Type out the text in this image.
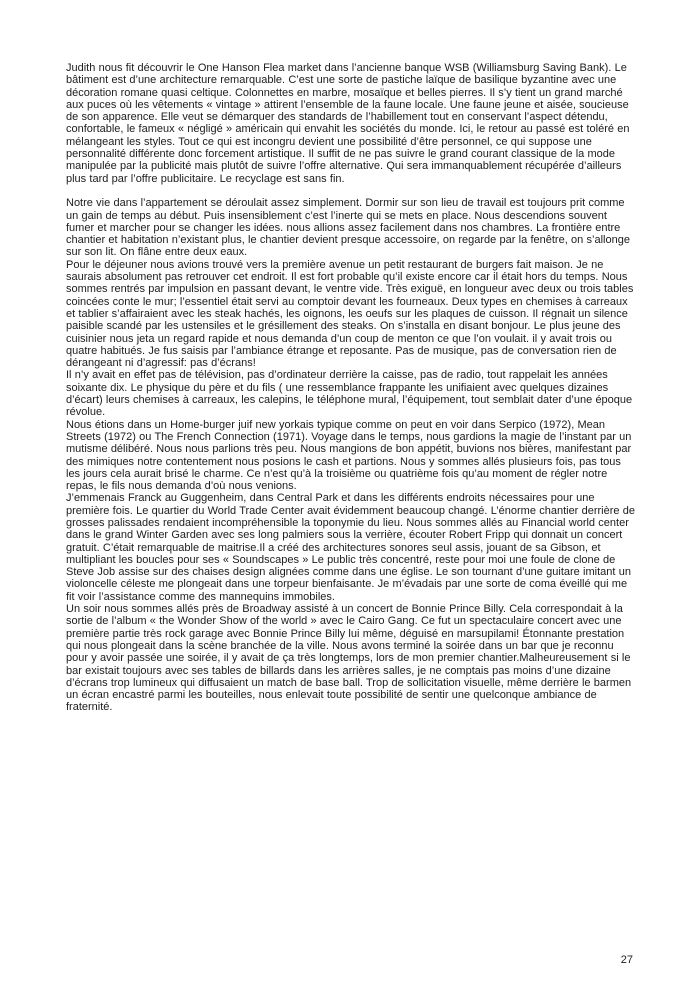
Judith nous fit découvrir le One Hanson Flea market dans l’ancienne banque WSB (Williamsburg Saving Bank). Le bâtiment est d’une architecture remarquable. C’est une sorte de pastiche laïque de basilique byzantine avec une décoration romane quasi celtique. Colonnettes en marbre, mosaïque et belles pierres. Il s’y tient un grand marché aux puces où les vêtements « vintage » attirent l’ensemble de la faune locale. Une faune jeune et aisée, soucieuse de son apparence. Elle veut se démarquer des standards de l’habillement tout en conservant l’aspect détendu, confortable, le fameux « négligé » américain qui envahit les sociétés du monde. Ici, le retour au passé est toléré en mélangeant les styles. Tout ce qui est incongru devient une possibilité d’être personnel, ce qui suppose une personnalité différente donc forcement artistique. Il suffit de ne pas suivre le grand courant classique de la mode manipulée par la publicité mais plutôt de suivre l’offre alternative. Qui sera immanquablement récupérée d’ailleurs plus tard par l’offre publicitaire. Le recyclage est sans fin.

Notre vie dans l’appartement se déroulait assez simplement. Dormir sur son lieu de travail est toujours prit comme un gain de temps au début. Puis insensiblement c’est l’inerte qui se mets en place. Nous descendions souvent fumer et marcher pour se changer les idées. nous allions assez facilement dans nos chambres. La frontière entre chantier et habitation n’existant plus, le chantier devient presque accessoire, on regarde par la fenêtre, on s’allonge sur son lit. On flâne entre deux eaux.

Pour le déjeuner nous avions trouvé vers la première avenue un petit restaurant de burgers fait maison. Je ne saurais absolument pas retrouver cet endroit. Il est fort probable qu’il existe encore car il était hors du temps. Nous sommes rentrés par impulsion en passant devant, le ventre vide. Très exiguë, en longueur avec deux ou trois tables coincées conte le mur; l’essentiel était servi au comptoir devant les fourneaux. Deux types en chemises à carreaux et tablier s’affairaient avec les steak hachés, les oignons, les oeufs sur les plaques de cuisson. Il régnait un silence paisible scandé par les ustensiles et le grésillement des steaks. On s’installa en disant bonjour. Le plus jeune des cuisinier nous jeta un regard rapide et nous demanda d’un coup de menton ce que l’on voulait. il y avait trois ou quatre habitués. Je fus saisis par l’ambiance étrange et reposante. Pas de musique, pas de conversation rien de dérangeant ni d’agressif: pas d’écrans!

Il n’y avait en effet pas de télévision, pas d’ordinateur derrière la caisse, pas de radio, tout rappelait les années soixante dix. Le physique du père et du fils ( une ressemblance frappante les unifiaient avec quelques dizaines d’écart) leurs chemises à carreaux, les calepins, le téléphone mural, l’équipement, tout semblait dater d’une époque révolue.

Nous étions dans un Home-burger juif new yorkais typique comme on peut en voir dans Serpico (1972), Mean Streets (1972) ou The French Connection (1971). Voyage dans le temps, nous gardions la magie de l’instant par un mutisme délibéré. Nous nous parlions très peu. Nous mangions de bon appétit, buvions nos bières, manifestant par des mimiques notre contentement nous posions le cash et partions. Nous y sommes allés plusieurs fois, pas tous les jours cela aurait brisé le charme. Ce n’est qu’à la troisième ou quatrième fois qu’au moment de régler notre repas, le fils nous demanda d’où nous venions.

J’emmenais Franck au Guggenheim, dans Central Park et dans les différents endroits nécessaires pour une première fois. Le quartier du World Trade Center avait évidemment beaucoup changé. L’énorme chantier derrière de grosses palissades rendaient incompréhensible la toponymie du lieu. Nous sommes allés au Financial world center dans le grand Winter Garden avec ses long palmiers sous la verrière, écouter Robert Fripp qui donnait un concert gratuit. C’était remarquable de maitrise.Il a créé des architectures sonores seul assis, jouant de sa Gibson, et multipliant les boucles pour ses « Soundscapes » Le public très concentré, reste pour moi une foule de clone de Steve Job assise sur des chaises design alignées comme dans une église. Le son tournant d’une guitare imitant un violoncelle céleste me plongeait dans une torpeur bienfaisante. Je m’évadais par une sorte de coma éveillé qui me fit voir l’assistance comme des mannequins immobiles.

Un soir nous sommes allés près de Broadway assisté à un concert de Bonnie Prince Billy. Cela correspondait à la sortie de l’album « the Wonder Show of the world » avec le Cairo Gang. Ce fut un spectaculaire concert avec une première partie très rock garage avec Bonnie Prince Billy lui même, déguisé en marsupilami! Étonnante prestation qui nous plongeait dans la scène branchée de la ville. Nous avons terminé la soirée dans un bar que je reconnu pour y avoir passée une soirée, il y avait de ça très longtemps, lors de mon premier chantier.Malheureusement si le bar existait toujours avec ses tables de billards dans les arrières salles, je ne comptais pas moins d’une dizaine d’écrans trop lumineux qui diffusaient un match de base ball. Trop de sollicitation visuelle, même derrière le barmen un écran encastré parmi les bouteilles, nous enlevait toute possibilité de sentir une quelconque ambiance de fraternité.

27
